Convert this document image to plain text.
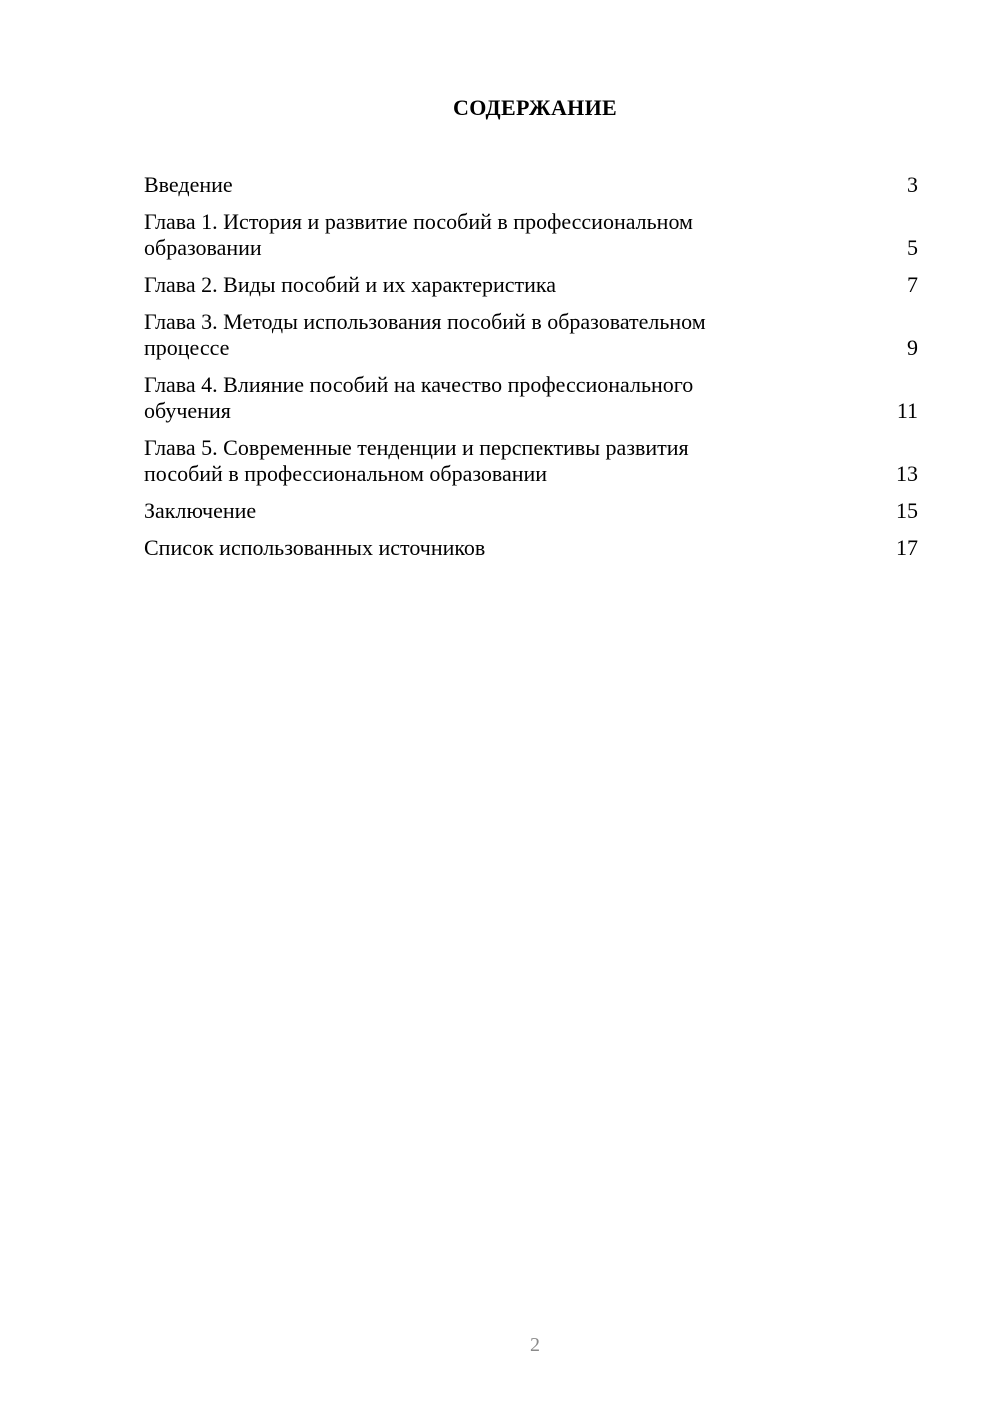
СОДЕРЖАНИЕ
Введение	3
Глава 1. История и развитие пособий в профессиональном
образовании	5
Глава 2. Виды пособий и их характеристика	7
Глава 3. Методы использования пособий в образовательном
процессе	9
Глава 4. Влияние пособий на качество профессионального
обучения	11
Глава 5. Современные тенденции и перспективы развития
пособий в профессиональном образовании	13
Заключение	15
Список использованных источников	17
2
